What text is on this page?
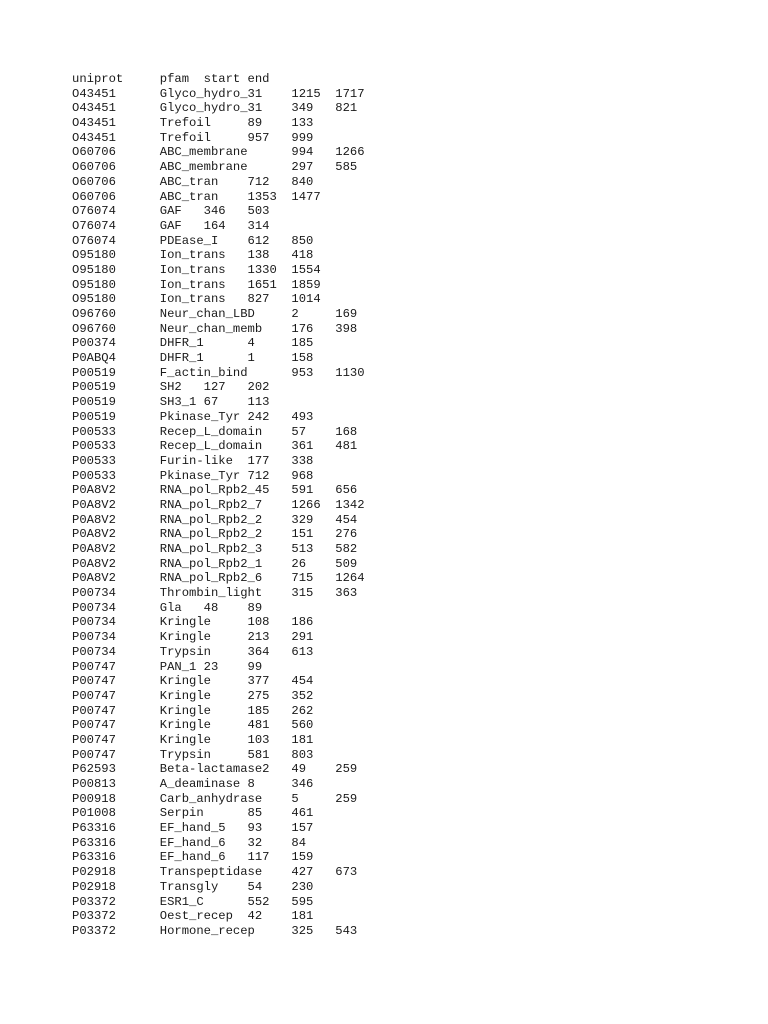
uniprot		pfam	start	end
O43451		Glyco_hydro_31	1215	1717
O43451		Glyco_hydro_31	349	821
O43451		Trefoil		89	133
O43451		Trefoil		957	999
O60706		ABC_membrane		994	1266
O60706		ABC_membrane		297	585
O60706		ABC_tran	712	840
O60706		ABC_tran	1353	1477
O76074		GAF	346	503
O76074		GAF	164	314
O76074		PDEase_I	612	850
O95180		Ion_trans	138	418
O95180		Ion_trans	1330	1554
O95180		Ion_trans	1651	1859
O95180		Ion_trans	827	1014
O96760		Neur_chan_LBD		2		169
O96760		Neur_chan_memb	176	398
P00374		DHFR_1		4		185
P0ABQ4		DHFR_1		1		158
P00519		F_actin_bind		953	1130
P00519		SH2	127	202
P00519		SH3_1	67	113
P00519		Pkinase_Tyr	242	493
P00533		Recep_L_domain	57	168
P00533		Recep_L_domain	361	481
P00533		Furin-like	177	338
P00533		Pkinase_Tyr	712	968
P0A8V2		RNA_pol_Rpb2_45	591	656
P0A8V2		RNA_pol_Rpb2_7	1266	1342
P0A8V2		RNA_pol_Rpb2_2	329	454
P0A8V2		RNA_pol_Rpb2_2	151	276
P0A8V2		RNA_pol_Rpb2_3	513	582
P0A8V2		RNA_pol_Rpb2_1	26	509
P0A8V2		RNA_pol_Rpb2_6	715	1264
P00734		Thrombin_light	315	363
P00734		Gla	48	89
P00734		Kringle		108	186
P00734		Kringle		213	291
P00734		Trypsin		364	613
P00747		PAN_1	23	99
P00747		Kringle		377	454
P00747		Kringle		275	352
P00747		Kringle		185	262
P00747		Kringle		481	560
P00747		Kringle		103	181
P00747		Trypsin		581	803
P62593		Beta-lactamase2	49	259
P00813		A_deaminase	8		346
P00918		Carb_anhydrase	5		259
P01008		Serpin		85	461
P63316		EF_hand_5	93	157
P63316		EF_hand_6	32	84
P63316		EF_hand_6	117	159
P02918		Transpeptidase	427	673
P02918		Transgly	54	230
P03372		ESR1_C		552	595
P03372		Oest_recep	42	181
P03372		Hormone_recep		325	543
